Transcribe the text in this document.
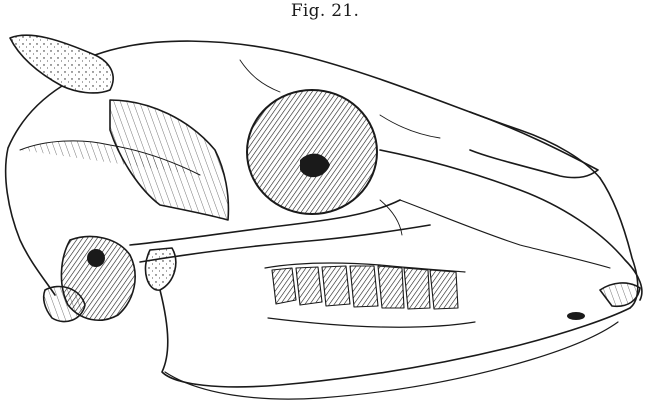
Fig. 21.
